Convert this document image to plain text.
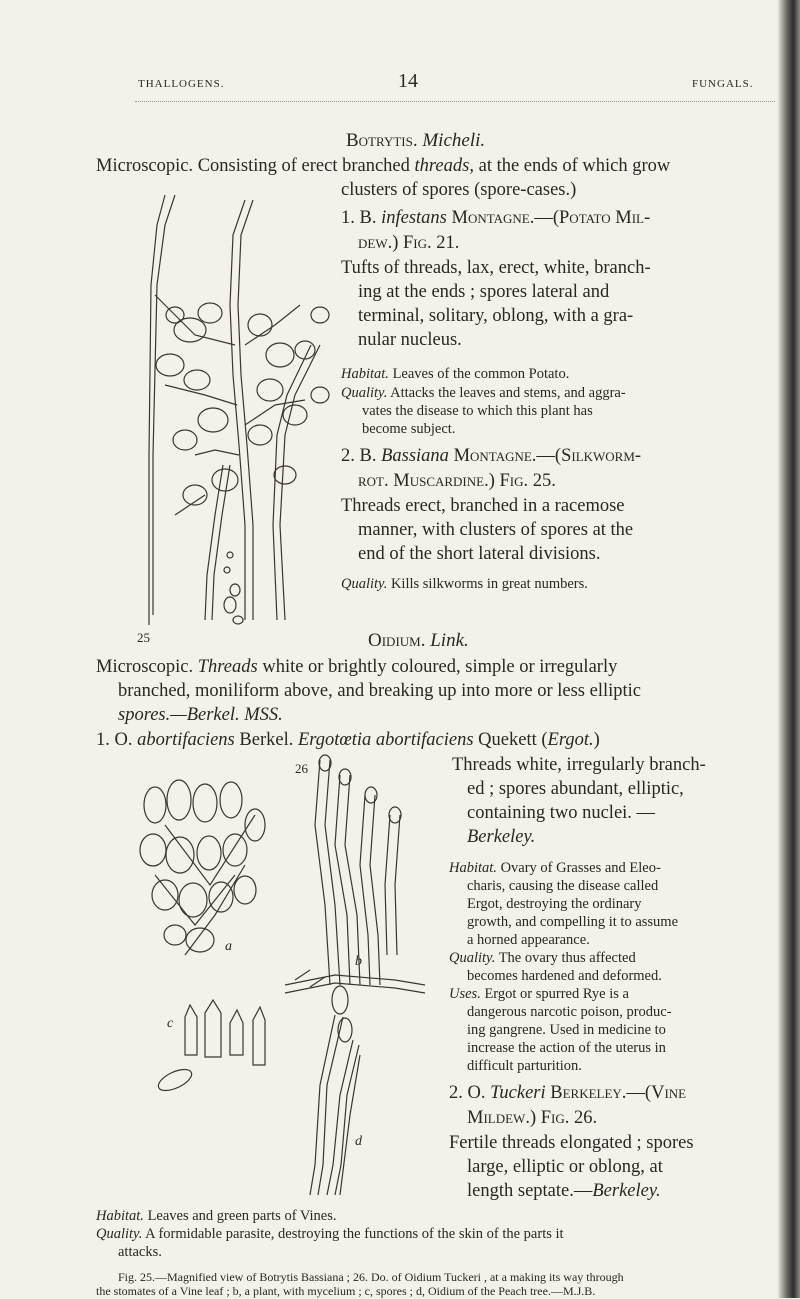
THALLOGENS.	14	FUNGALS.
Botrytis. Micheli.
Microscopic. Consisting of erect branched threads, at the ends of which grow
clusters of spores (spore-cases.)
1. B. infestans Montagne.—(Potato Mil-
dew.) Fig. 21.
Tufts of threads, lax, erect, white, branch-
ing at the ends ; spores lateral and
terminal, solitary, oblong, with a gra-
nular nucleus.
Habitat. Leaves of the common Potato.
Quality. Attacks the leaves and stems, and aggra-
vates the disease to which this plant has
become subject.
2. B. Bassiana Montagne.—(Silkworm-
rot. Muscardine.) Fig. 25.
Threads erect, branched in a racemose
manner, with clusters of spores at the
end of the short lateral divisions.
Quality. Kills silkworms in great numbers.
25	Oidium. Link.
Microscopic. Threads white or brightly coloured, simple or irregularly
branched, moniliform above, and breaking up into more or less elliptic
spores.—Berkel. MSS.
1. O. abortifaciens Berkel. Ergotœtia abortifaciens Quekett (Ergot.)
Threads white, irregularly branch-
ed ; spores abundant, elliptic,
containing two nuclei. —
Berkeley.
Habitat. Ovary of Grasses and Eleo-
charis, causing the disease called
Ergot, destroying the ordinary
growth, and compelling it to assume
a horned appearance.
Quality. The ovary thus affected
becomes hardened and deformed.
Uses. Ergot or spurred Rye is a
dangerous narcotic poison, produc-
ing gangrene. Used in medicine to
increase the action of the uterus in
difficult parturition.
2. O. Tuckeri Berkeley.—(Vine
Mildew.) Fig. 26.
Fertile threads elongated ; spores
large, elliptic or oblong, at
length septate.—Berkeley.
Habitat. Leaves and green parts of Vines.
Quality. A formidable parasite, destroying the functions of the skin of the parts it
attacks.
a
26
b
c
d
Fig. 25.—Magnified view of Botrytis Bassiana ; 26. Do. of Oidium Tuckeri , at a making its way through
the stomates of a Vine leaf ; b, a plant, with mycelium ; c, spores ; d, Oidium of the Peach tree.—M.J.B.
